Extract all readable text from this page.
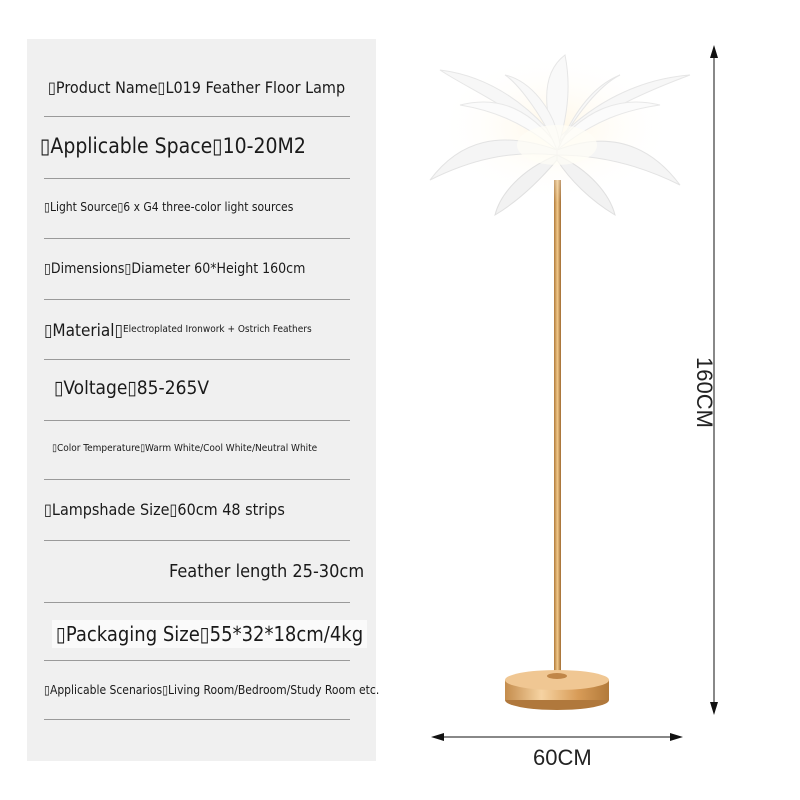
▯Product Name▯L019 Feather Floor Lamp
▯Applicable Space▯10-20M2
▯Light Source▯6 x G4 three-color light sources
▯Dimensions▯Diameter 60*Height 160cm
▯Material▯$^{Electroplated Ironwork + Ostrich Feathers}$
▯Voltage▯85-265V
▯Color Temperature▯Warm White/Cool White/Neutral White
▯Lampshade Size▯60cm 48 strips
Feather length 25-30cm
▯Packaging Size▯55*32*18cm/4kg
▯Applicable Scenarios▯Living Room/Bedroom/Study Room etc.
160CM
60CM
